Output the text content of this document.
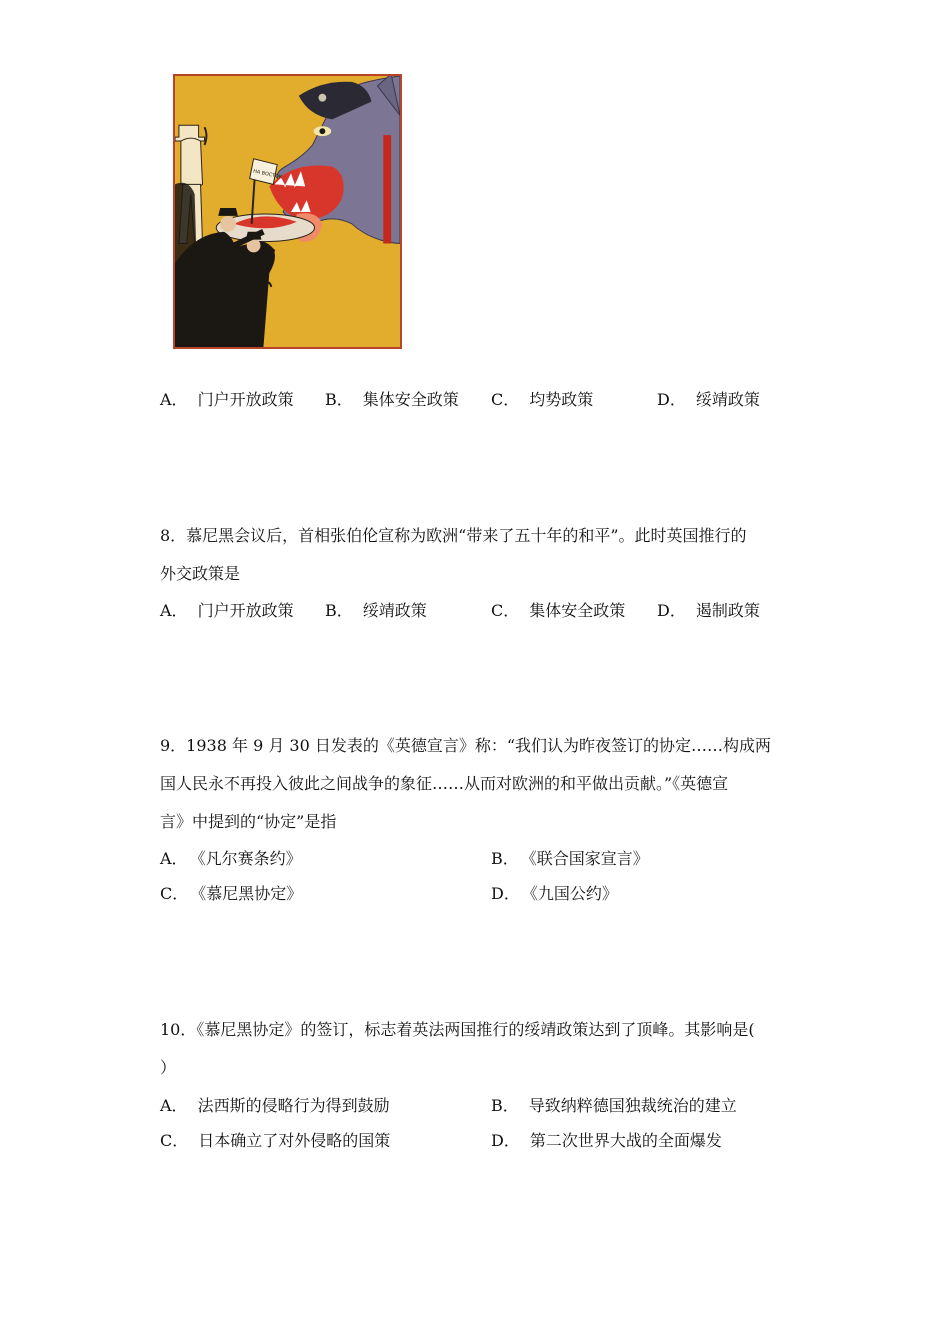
НА ВОСТОК
A． 门户开放政策 B． 集体安全政策 C． 均势政策	D． 绥靖政策
8．慕尼黑会议后，首相张伯伦宣称为欧洲“带来了五十年的和平”。此时英国推行的
外交政策是
A． 门户开放政策 B． 绥靖政策	C． 集体安全政策 D． 遏制政策
9．1938 年 9 月 30 日发表的《英德宣言》称：“我们认为昨夜签订的协定……构成两
国人民永不再投入彼此之间战争的象征……从而对欧洲的和平做出贡献。”《英德宣
言》中提到的“协定”是指
A． 《凡尔赛条约》	B． 《联合国家宣言》
C． 《慕尼黑协定》	D． 《九国公约》
10．《慕尼黑协定》的签订，标志着英法两国推行的绥靖政策达到了顶峰。其影响是(
）
A． 法西斯的侵略行为得到鼓励	B． 导致纳粹德国独裁统治的建立
C． 日本确立了对外侵略的国策	D． 第二次世界大战的全面爆发
